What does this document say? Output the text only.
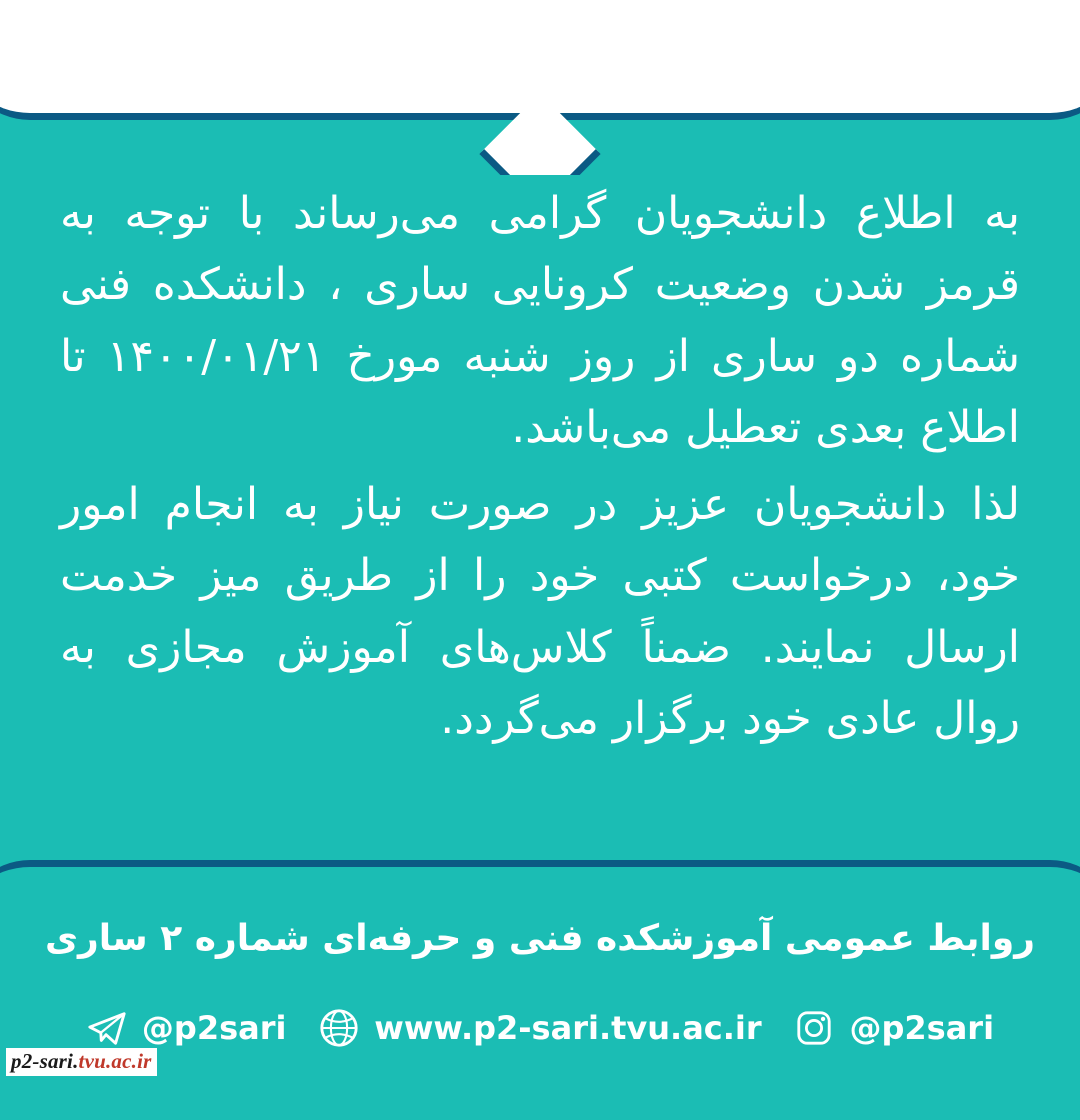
به اطلاع دانشجویان گرامی می‌رساند با توجه به قرمز شدن وضعیت کرونایی ساری ، دانشکده فنی شماره دو ساری از روز شنبه مورخ ۱۴۰۰/۰۱/۲۱ تا اطلاع بعدی تعطیل می‌باشد.

لذا دانشجویان عزیز در صورت نیاز به انجام امور خود، درخواست کتبی خود را از طریق میز خدمت ارسال نمایند. ضمناً کلاس‌های آموزش مجازی به روال عادی خود برگزار می‌گردد.

روابط عمومی آموزشکده فنی و حرفه‌ای شماره ۲ ساری
@p2sari
www.p2-sari.tvu.ac.ir
@p2sari
p2-sari.tvu.ac.ir
